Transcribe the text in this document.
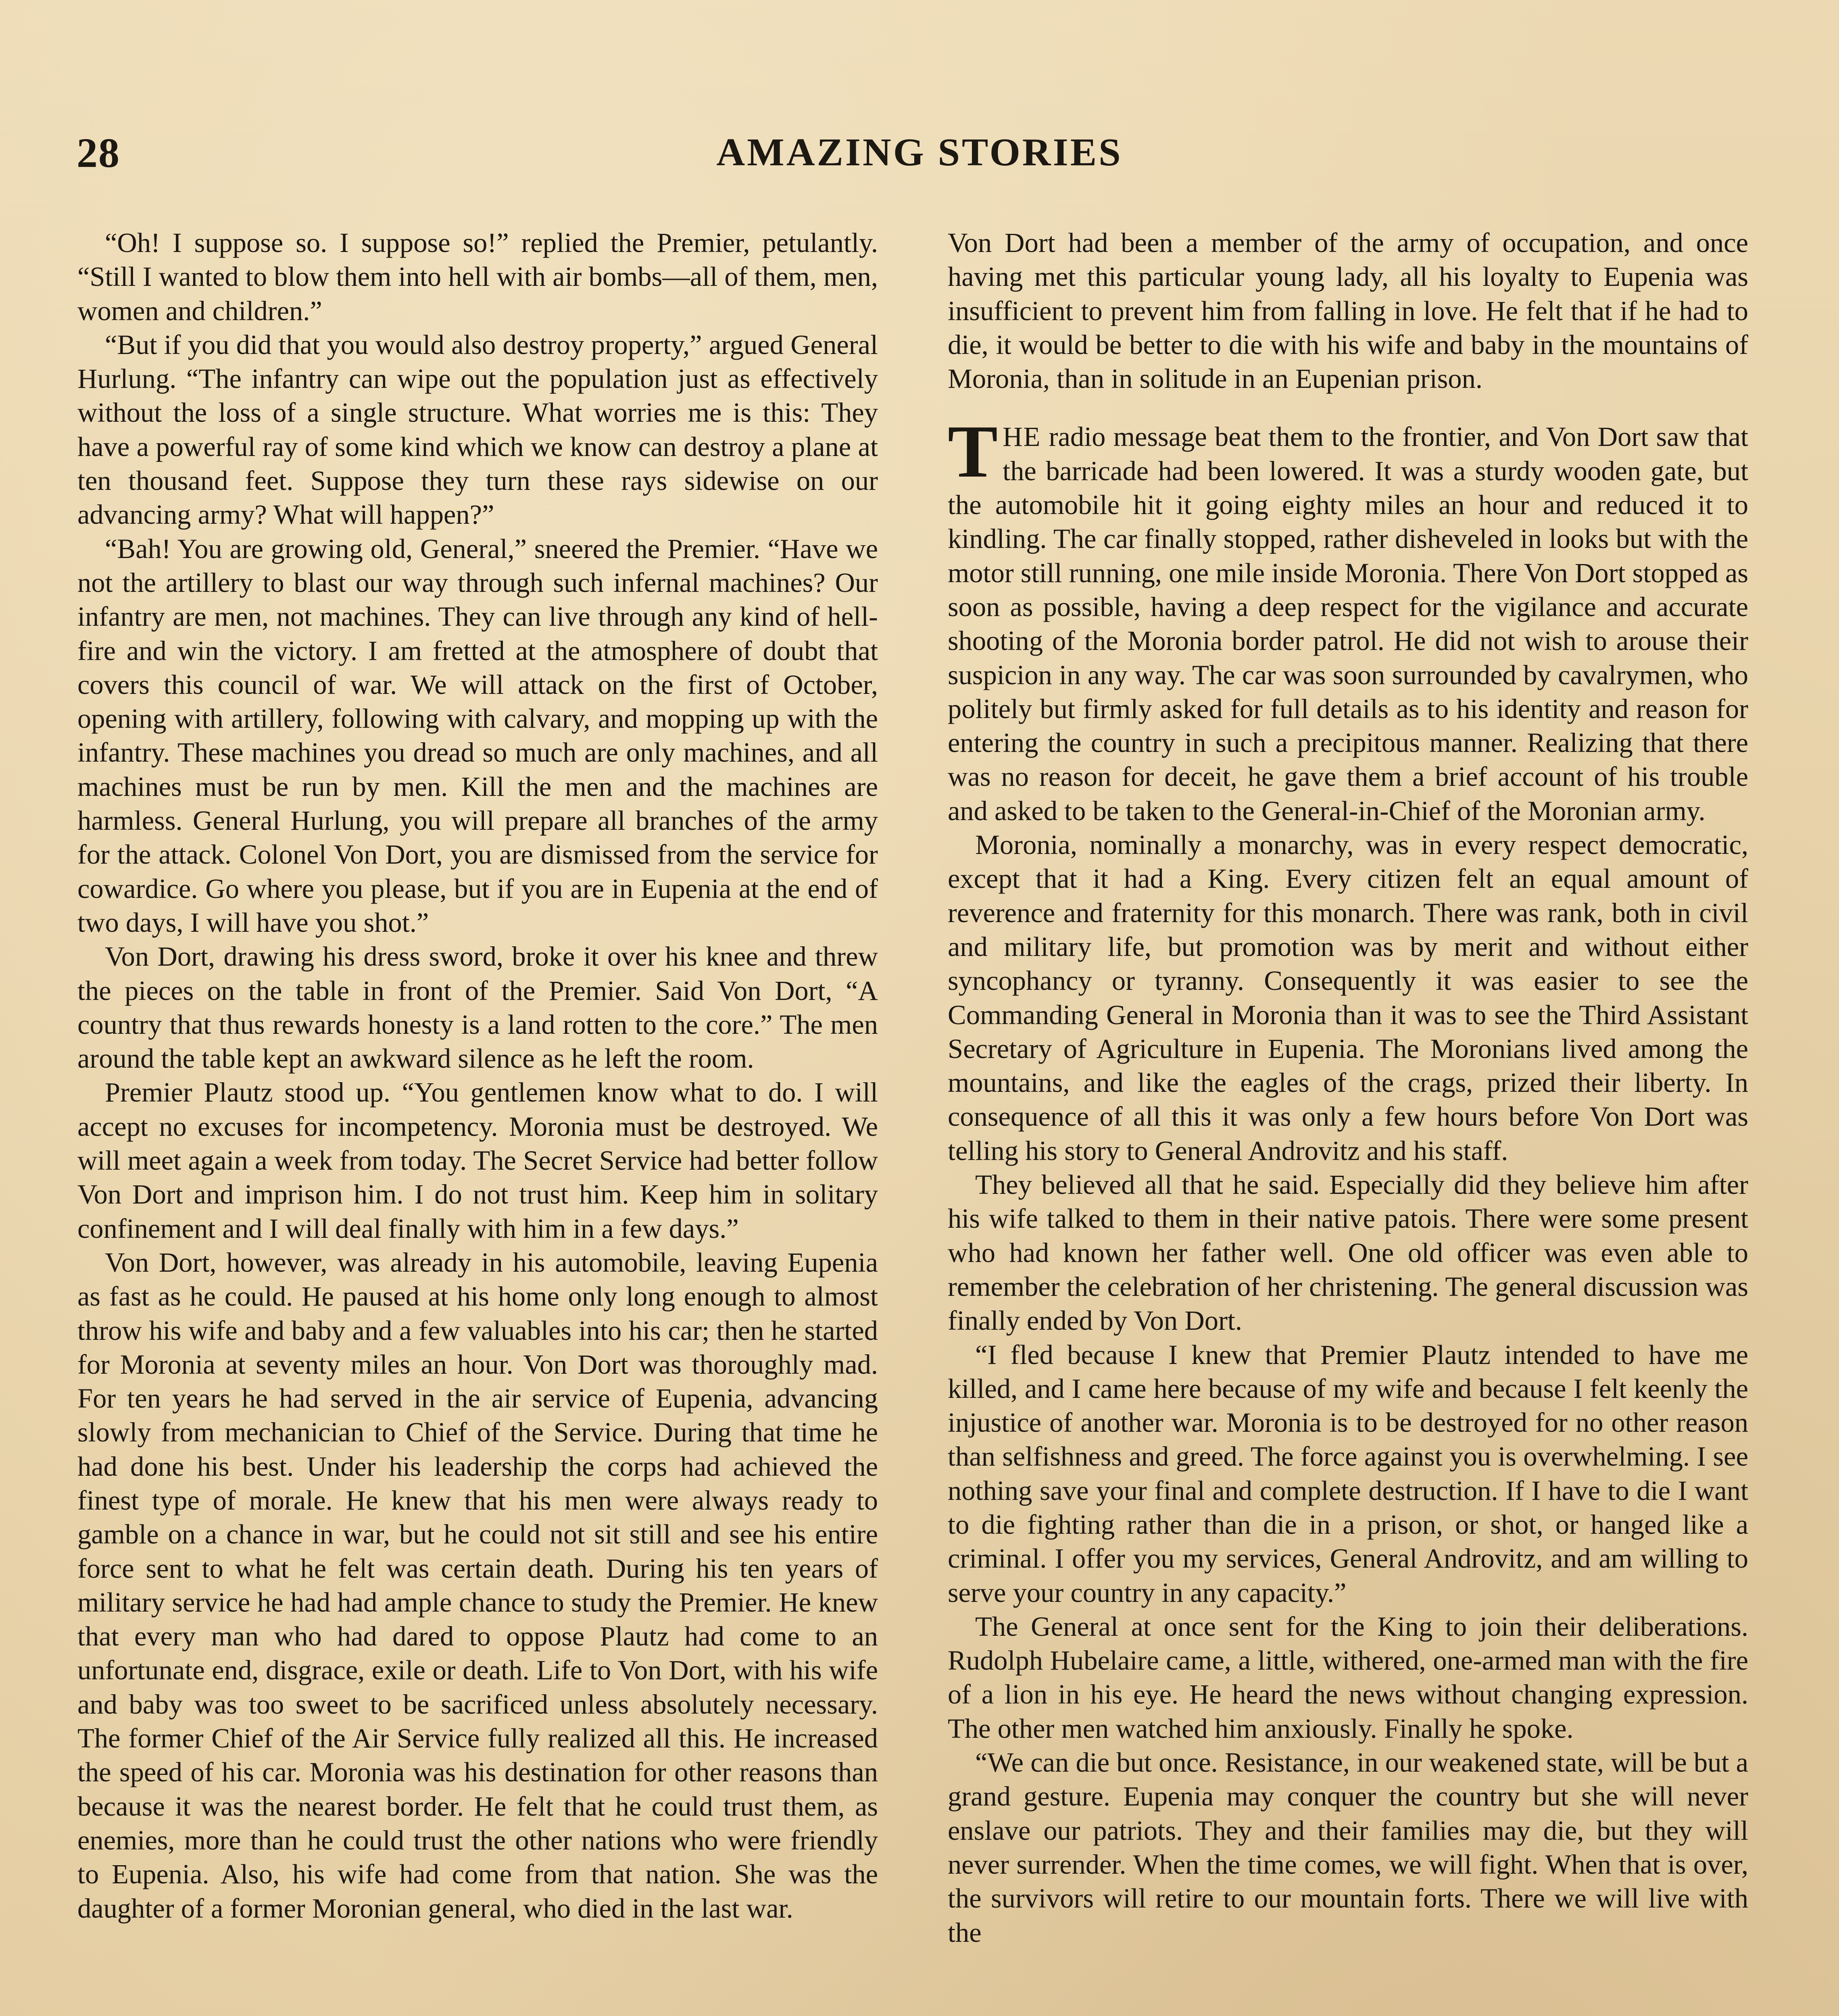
28	AMAZING STORIES

“Oh! I suppose so. I suppose so!” replied the Premier, petulantly. “Still I wanted to blow them into hell with air bombs—all of them, men, women and children.”

“But if you did that you would also destroy property,” argued General Hurlung. “The infantry can wipe out the population just as effectively without the loss of a single structure. What worries me is this: They have a powerful ray of some kind which we know can destroy a plane at ten thousand feet. Suppose they turn these rays sidewise on our advancing army? What will happen?”

“Bah! You are growing old, General,” sneered the Premier. “Have we not the artillery to blast our way through such infernal machines? Our infantry are men, not machines. They can live through any kind of hell-fire and win the victory. I am fretted at the atmosphere of doubt that covers this council of war. We will attack on the first of October, opening with artillery, following with calvary, and mopping up with the infantry. These machines you dread so much are only machines, and all machines must be run by men. Kill the men and the machines are harmless. General Hurlung, you will prepare all branches of the army for the attack. Colonel Von Dort, you are dismissed from the service for cowardice. Go where you please, but if you are in Eupenia at the end of two days, I will have you shot.”

Von Dort, drawing his dress sword, broke it over his knee and threw the pieces on the table in front of the Premier. Said Von Dort, “A country that thus rewards honesty is a land rotten to the core.” The men around the table kept an awkward silence as he left the room.

Premier Plautz stood up. “You gentlemen know what to do. I will accept no excuses for incompetency. Moronia must be destroyed. We will meet again a week from today. The Secret Service had better follow Von Dort and imprison him. I do not trust him. Keep him in solitary confinement and I will deal finally with him in a few days.”

Von Dort, however, was already in his automobile, leaving Eupenia as fast as he could. He paused at his home only long enough to almost throw his wife and baby and a few valuables into his car; then he started for Moronia at seventy miles an hour. Von Dort was thoroughly mad. For ten years he had served in the air service of Eupenia, advancing slowly from mechanician to Chief of the Service. During that time he had done his best. Under his leadership the corps had achieved the finest type of morale. He knew that his men were always ready to gamble on a chance in war, but he could not sit still and see his entire force sent to what he felt was certain death. During his ten years of military service he had had ample chance to study the Premier. He knew that every man who had dared to oppose Plautz had come to an unfortunate end, disgrace, exile or death. Life to Von Dort, with his wife and baby was too sweet to be sacrificed unless absolutely necessary. The former Chief of the Air Service fully realized all this. He increased the speed of his car. Moronia was his destination for other reasons than because it was the nearest border. He felt that he could trust them, as enemies, more than he could trust the other nations who were friendly to Eupenia. Also, his wife had come from that nation. She was the daughter of a former Moronian general, who died in the last war.

Von Dort had been a member of the army of occupation, and once having met this particular young lady, all his loyalty to Eupenia was insufficient to prevent him from falling in love. He felt that if he had to die, it would be better to die with his wife and baby in the mountains of Moronia, than in solitude in an Eupenian prison.

THE radio message beat them to the frontier, and Von Dort saw that the barricade had been lowered. It was a sturdy wooden gate, but the automobile hit it going eighty miles an hour and reduced it to kindling. The car finally stopped, rather disheveled in looks but with the motor still running, one mile inside Moronia. There Von Dort stopped as soon as possible, having a deep respect for the vigilance and accurate shooting of the Moronia border patrol. He did not wish to arouse their suspicion in any way. The car was soon surrounded by cavalrymen, who politely but firmly asked for full details as to his identity and reason for entering the country in such a precipitous manner. Realizing that there was no reason for deceit, he gave them a brief account of his trouble and asked to be taken to the General-in-Chief of the Moronian army.

Moronia, nominally a monarchy, was in every respect democratic, except that it had a King. Every citizen felt an equal amount of reverence and fraternity for this monarch. There was rank, both in civil and military life, but promotion was by merit and without either syncophancy or tyranny. Consequently it was easier to see the Commanding General in Moronia than it was to see the Third Assistant Secretary of Agriculture in Eupenia. The Moronians lived among the mountains, and like the eagles of the crags, prized their liberty. In consequence of all this it was only a few hours before Von Dort was telling his story to General Androvitz and his staff.

They believed all that he said. Especially did they believe him after his wife talked to them in their native patois. There were some present who had known her father well. One old officer was even able to remember the celebration of her christening. The general discussion was finally ended by Von Dort.

“I fled because I knew that Premier Plautz intended to have me killed, and I came here because of my wife and because I felt keenly the injustice of another war. Moronia is to be destroyed for no other reason than selfishness and greed. The force against you is overwhelming. I see nothing save your final and complete destruction. If I have to die I want to die fighting rather than die in a prison, or shot, or hanged like a criminal. I offer you my services, General Androvitz, and am willing to serve your country in any capacity.”

The General at once sent for the King to join their deliberations. Rudolph Hubelaire came, a little, withered, one-armed man with the fire of a lion in his eye. He heard the news without changing expression. The other men watched him anxiously. Finally he spoke.

“We can die but once. Resistance, in our weakened state, will be but a grand gesture. Eupenia may conquer the country but she will never enslave our patriots. They and their families may die, but they will never surrender. When the time comes, we will fight. When that is over, the survivors will retire to our mountain forts. There we will live with the
